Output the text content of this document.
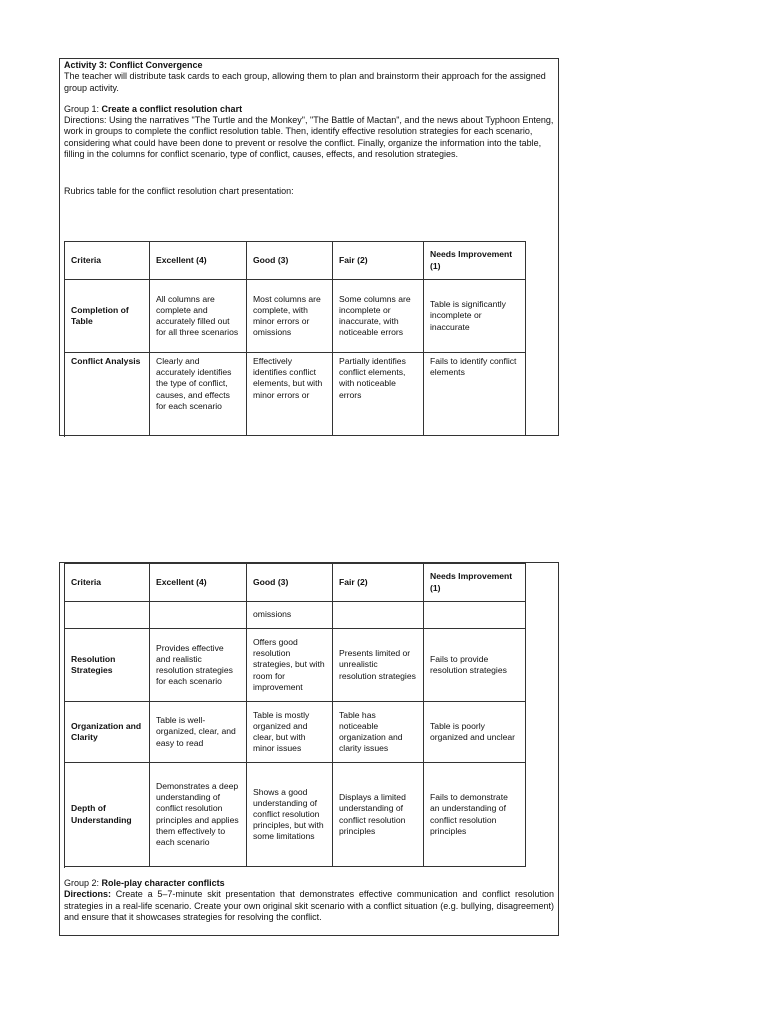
Activity 3: Conflict Convergence

The teacher will distribute task cards to each group, allowing them to plan and brainstorm their approach for the assigned group activity.

Group 1: Create a conflict resolution chart

Directions: Using the narratives "The Turtle and the Monkey", "The Battle of Mactan", and the news about Typhoon Enteng, work in groups to complete the conflict resolution table. Then, identify effective resolution strategies for each scenario, considering what could have been done to prevent or resolve the conflict. Finally, organize the information into the table, filling in the columns for conflict scenario, type of conflict, causes, effects, and resolution strategies.

Rubrics table for the conflict resolution chart presentation:

Criteria	Excellent (4)	Good (3)	Fair (2)	Needs Improvement (1)
Completion of Table	All columns are complete and accurately filled out for all three scenarios	Most columns are complete, with minor errors or omissions	Some columns are incomplete or inaccurate, with noticeable errors	Table is significantly incomplete or inaccurate
Conflict Analysis	Clearly and accurately identifies the type of conflict, causes, and effects for each scenario	Effectively identifies conflict elements, but with minor errors or	Partially identifies conflict elements, with noticeable errors	Fails to identify conflict elements
Criteria	Excellent (4)	Good (3)	Fair (2)	Needs Improvement (1)
		omissions		
Resolution Strategies	Provides effective and realistic resolution strategies for each scenario	Offers good resolution strategies, but with room for improvement	Presents limited or unrealistic resolution strategies	Fails to provide resolution strategies
Organization and Clarity	Table is well-organized, clear, and easy to read	Table is mostly organized and clear, but with minor issues	Table has noticeable organization and clarity issues	Table is poorly organized and unclear
Depth of Understanding	Demonstrates a deep understanding of conflict resolution principles and applies them effectively to each scenario	Shows a good understanding of conflict resolution principles, but with some limitations	Displays a limited understanding of conflict resolution principles	Fails to demonstrate an understanding of conflict resolution principles

Group 2: Role-play character conflicts

Directions: Create a 5–7-minute skit presentation that demonstrates effective communication and conflict resolution strategies in a real-life scenario. Create your own original skit scenario with a conflict situation (e.g. bullying, disagreement) and ensure that it showcases strategies for resolving the conflict.
